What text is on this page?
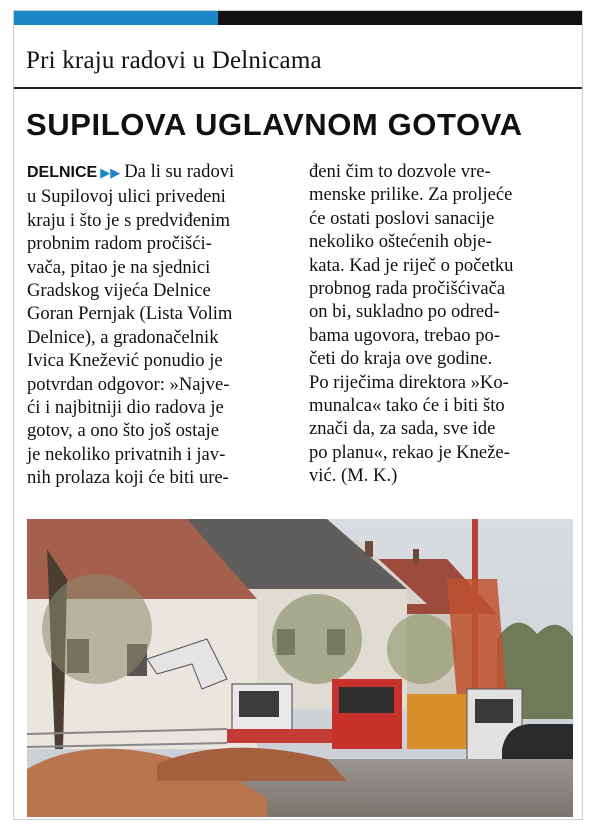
Pri kraju radovi u Delnicama
SUPILOVA UGLAVNOM GOTOVA
DELNICE ▶▶ Da li su radovi
u Supilovoj ulici privedeni
kraju i što je s predviđenim
probnim radom pročišći-
vača, pitao je na sjednici
Gradskog vijeća Delnice
Goran Pernjak (Lista Volim
Delnice), a gradonačelnik
Ivica Knežević ponudio je
potvrdan odgovor: »Najve-
ći i najbitniji dio radova je
gotov, a ono što još ostaje
je nekoliko privatnih i jav-
nih prolaza koji će biti ure-
đeni čim to dozvole vre-
menske prilike. Za proljeće
će ostati poslovi sanacije
nekoliko oštećenih obje-
kata. Kad je riječ o početku
probnog rada pročišćivača
on bi, sukladno po odred-
bama ugovora, trebao po-
četi do kraja ove godine.
Po riječima direktora »Ko-
munalca« tako će i biti što
znači da, za sada, sve ide
po planu«, rekao je Kneže-
vić. (M. K.)
